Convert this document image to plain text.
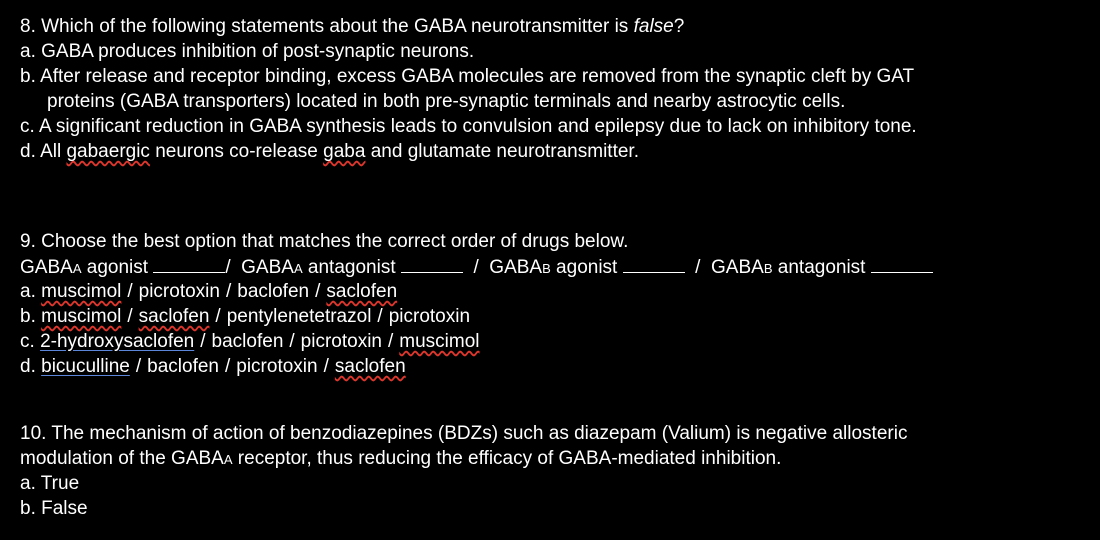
8. Which of the following statements about the GABA neurotransmitter is false?

a. GABA produces inhibition of post-synaptic neurons.

b. After release and receptor binding, excess GABA molecules are removed from the synaptic cleft by GAT

proteins (GABA transporters) located in both pre-synaptic terminals and nearby astrocytic cells.

c. A significant reduction in GABA synthesis leads to convulsion and epilepsy due to lack on inhibitory tone.

d. All gabaergic neurons co-release gaba and glutamate neurotransmitter.

9. Choose the best option that matches the correct order of drugs below.

GABAA agonist	/ GABAA antagonist	/ GABAB agonist	/ GABAB antagonist

a. muscimol / picrotoxin / baclofen / saclofen

b. muscimol / saclofen / pentylenetetrazol / picrotoxin

c. 2-hydroxysaclofen / baclofen / picrotoxin / muscimol

d. bicuculline / baclofen / picrotoxin / saclofen

10. The mechanism of action of benzodiazepines (BDZs) such as diazepam (Valium) is negative allosteric

modulation of the GABAA receptor, thus reducing the efficacy of GABA-mediated inhibition.

a. True

b. False
